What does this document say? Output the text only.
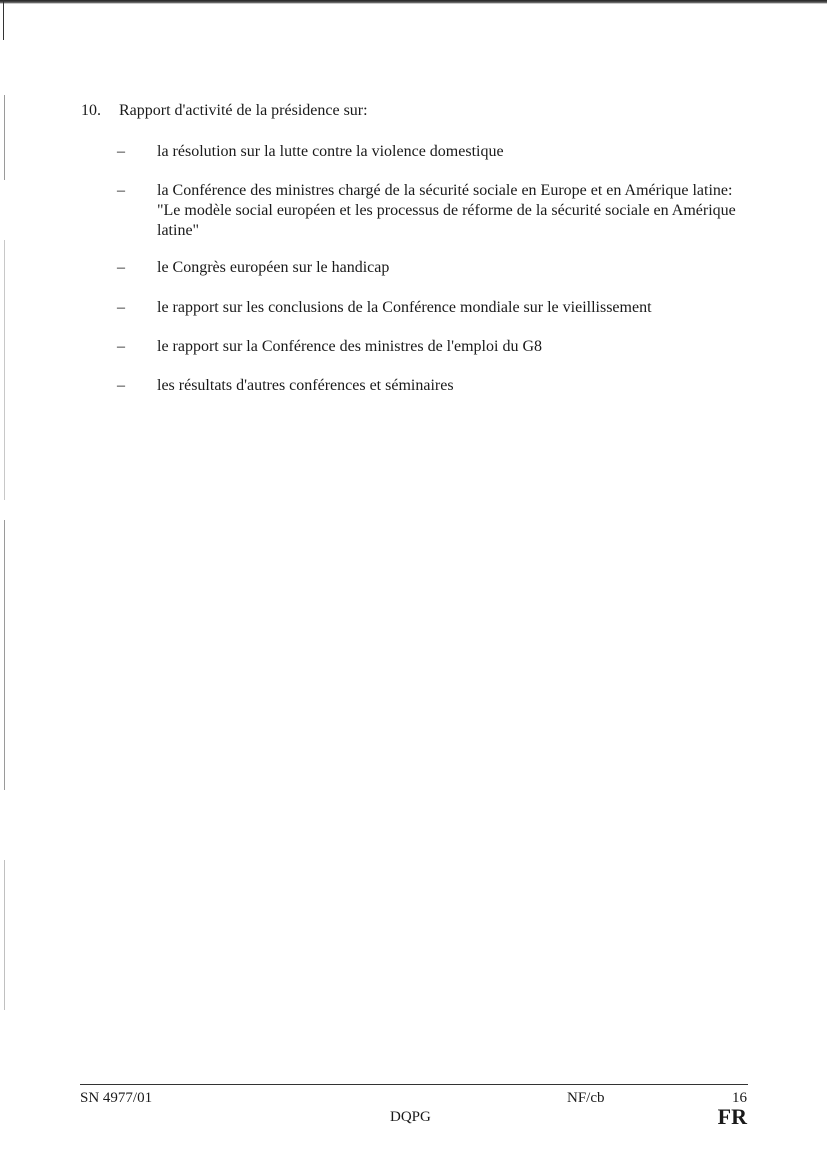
10. Rapport d'activité de la présidence sur:
– la résolution sur la lutte contre la violence domestique
– la Conférence des ministres chargé de la sécurité sociale en Europe et en Amérique latine: "Le modèle social européen et les processus de réforme de la sécurité sociale en Amérique latine"
– le Congrès européen sur le handicap
– le rapport sur les conclusions de la Conférence mondiale sur le vieillissement
– le rapport sur la Conférence des ministres de l'emploi du G8
– les résultats d'autres conférences et séminaires
SN 4977/01	NF/cb	16
DQPG	FR
